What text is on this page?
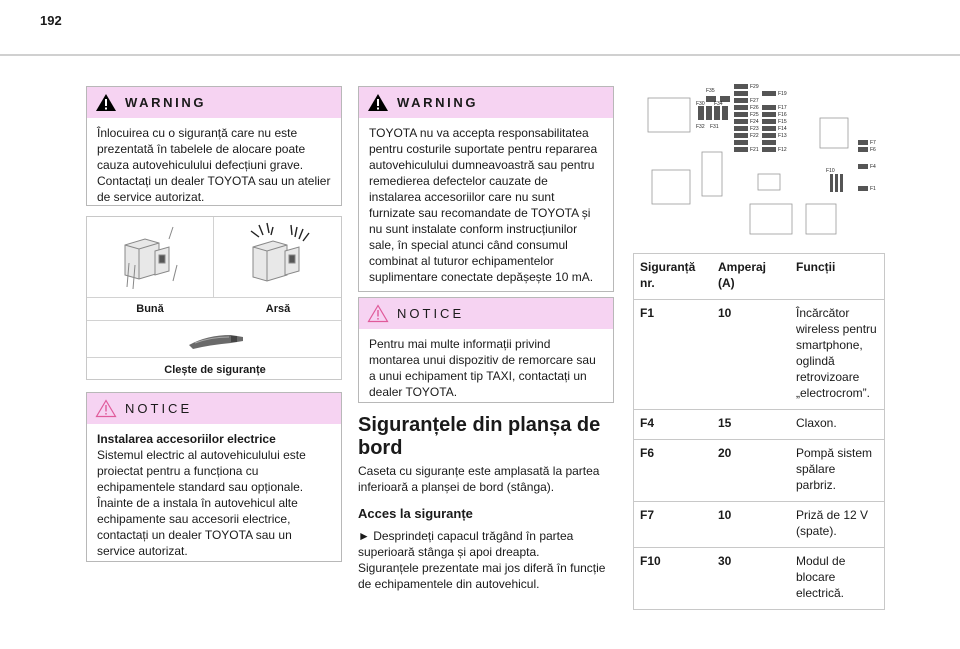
192
WARNING

Înlocuirea cu o siguranță care nu este prezentată în tabelele de alocare poate cauza autovehiculului defecțiuni grave. Contactați un dealer TOYOTA sau un atelier de service autorizat.

Bună	Arsă
Clește de siguranțe
NOTICE

Instalarea accesoriilor electrice

Sistemul electric al autovehiculului este proiectat pentru a funcționa cu echipamentele standard sau opționale.

Înainte de a instala în autovehicul alte echipamente sau accesorii electrice, contactați un dealer TOYOTA sau un service autorizat.

WARNING

TOYOTA nu va accepta responsabilitatea pentru costurile suportate pentru repararea autovehiculului dumneavoastră sau pentru remedierea defectelor cauzate de instalarea accesoriilor care nu sunt furnizate sau recomandate de TOYOTA și nu sunt instalate conform instrucțiunilor sale, în special atunci când consumul combinat al tuturor echipamentelor suplimentare conectate depășește 10 mA.

NOTICE

Pentru mai multe informații privind montarea unui dispozitiv de remorcare sau a unui echipament tip TAXI, contactați un dealer TOYOTA.

Siguranțele din planșa de bord
Caseta cu siguranțe este amplasată la partea inferioară a planșei de bord (stânga).
Acces la siguranțe
► Desprindeți capacul trăgând în partea superioară stânga și apoi dreapta.
Siguranțele prezentate mai jos diferă în funcție de echipamentele din autovehicul.
F35
F29
F19
F30 F34	F27
F26	F17
F25	F16
F24	F15
F23	F14
F22	F13
F21	F12
F32 F31
F7
F6
F4
F1
F10
Siguranță nr.	Amperaj (A)	Funcții
F1	10	Încărcător wireless pentru smartphone, oglindă retrovizoare „electrocrom”.
F4	15	Claxon.
F6	20	Pompă sistem spălare parbriz.
F7	10	Priză de 12 V (spate).
F10	30	Modul de blocare electrică.
